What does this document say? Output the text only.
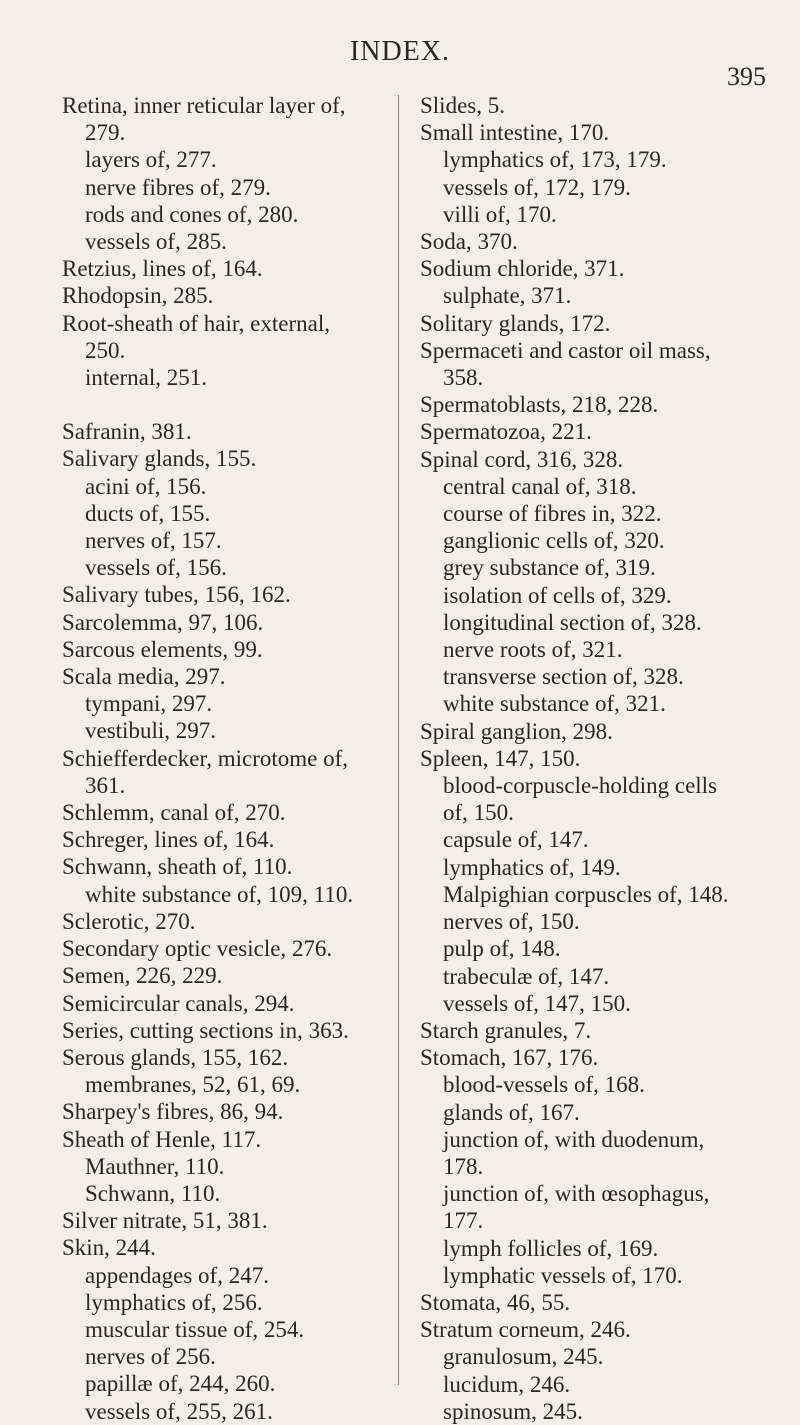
INDEX.
395
Retina, inner reticular layer of,
279.
layers of, 277.
nerve fibres of, 279.
rods and cones of, 280.
vessels of, 285.
Retzius, lines of, 164.
Rhodopsin, 285.
Root-sheath of hair, external,
250.
internal, 251.
Safranin, 381.
Salivary glands, 155.
acini of, 156.
ducts of, 155.
nerves of, 157.
vessels of, 156.
Salivary tubes, 156, 162.
Sarcolemma, 97, 106.
Sarcous elements, 99.
Scala media, 297.
tympani, 297.
vestibuli, 297.
Schiefferdecker, microtome of,
361.
Schlemm, canal of, 270.
Schreger, lines of, 164.
Schwann, sheath of, 110.
white substance of, 109, 110.
Sclerotic, 270.
Secondary optic vesicle, 276.
Semen, 226, 229.
Semicircular canals, 294.
Series, cutting sections in, 363.
Serous glands, 155, 162.
membranes, 52, 61, 69.
Sharpey's fibres, 86, 94.
Sheath of Henle, 117.
Mauthner, 110.
Schwann, 110.
Silver nitrate, 51, 381.
Skin, 244.
appendages of, 247.
lymphatics of, 256.
muscular tissue of, 254.
nerves of 256.
papillæ of, 244, 260.
vessels of, 255, 261.
Slides, 5.
Small intestine, 170.
lymphatics of, 173, 179.
vessels of, 172, 179.
villi of, 170.
Soda, 370.
Sodium chloride, 371.
sulphate, 371.
Solitary glands, 172.
Spermaceti and castor oil mass,
358.
Spermatoblasts, 218, 228.
Spermatozoa, 221.
Spinal cord, 316, 328.
central canal of, 318.
course of fibres in, 322.
ganglionic cells of, 320.
grey substance of, 319.
isolation of cells of, 329.
longitudinal section of, 328.
nerve roots of, 321.
transverse section of, 328.
white substance of, 321.
Spiral ganglion, 298.
Spleen, 147, 150.
blood-corpuscle-holding cells
of, 150.
capsule of, 147.
lymphatics of, 149.
Malpighian corpuscles of, 148.
nerves of, 150.
pulp of, 148.
trabeculæ of, 147.
vessels of, 147, 150.
Starch granules, 7.
Stomach, 167, 176.
blood-vessels of, 168.
glands of, 167.
junction of, with duodenum,
178.
junction of, with œsophagus,
177.
lymph follicles of, 169.
lymphatic vessels of, 170.
Stomata, 46, 55.
Stratum corneum, 246.
granulosum, 245.
lucidum, 246.
spinosum, 245.
